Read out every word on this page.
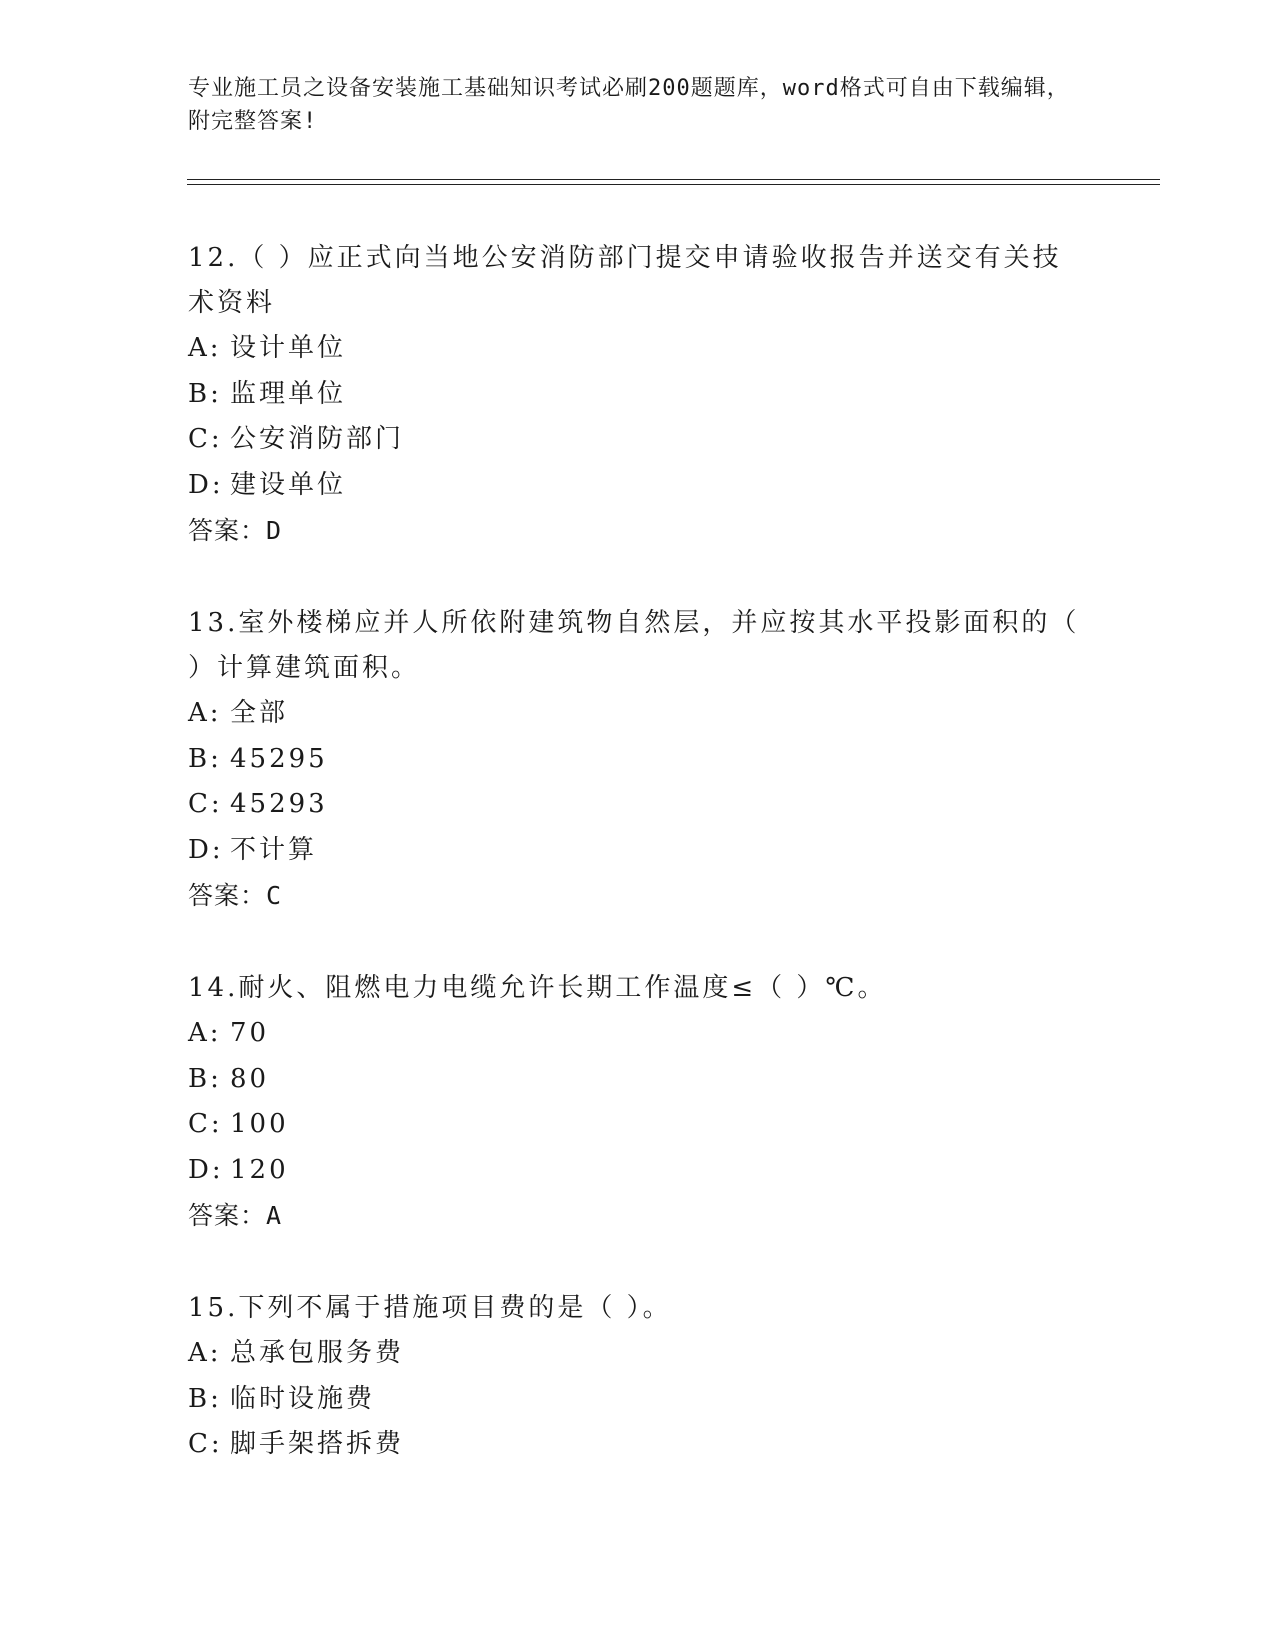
专业施工员之设备安装施工基础知识考试必刷200题题库，word格式可自由下载编辑，附完整答案!

12.（ ）应正式向当地公安消防部门提交申请验收报告并送交有关技术资料

A: 设计单位
B: 监理单位
C: 公安消防部门
D: 建设单位
答案：D

13.室外楼梯应并人所依附建筑物自然层，并应按其水平投影面积的（ ）计算建筑面积。

A: 全部
B: 45295
C: 45293
D: 不计算
答案：C

14.耐火、阻燃电力电缆允许长期工作温度≤（ ）℃。

A: 70
B: 80
C: 100
D: 120
答案：A

15.下列不属于措施项目费的是（ ）。

A: 总承包服务费
B: 临时设施费
C: 脚手架搭拆费
